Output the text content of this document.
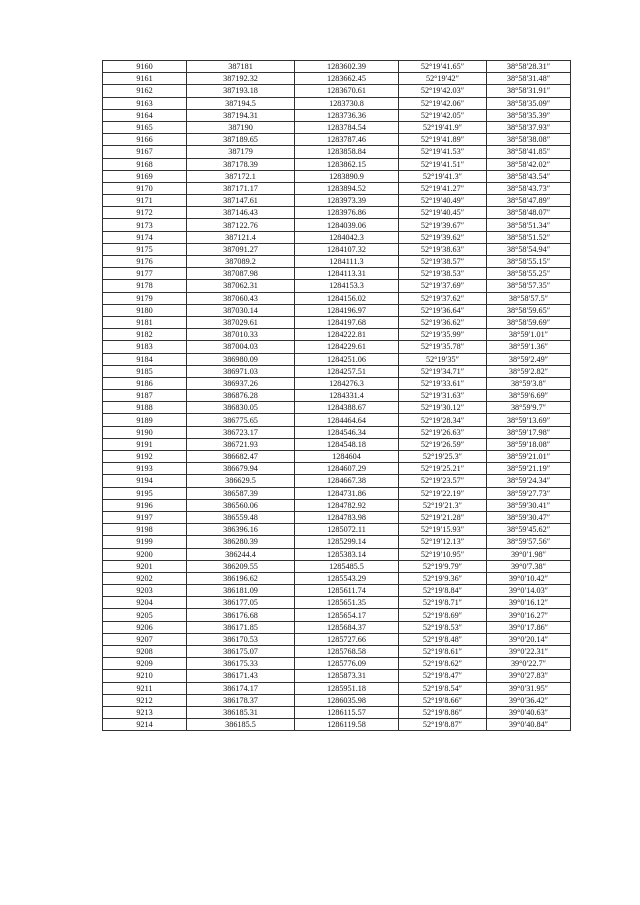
9160	387181	1283602.39	52°19′41.65″	38°58′28.31″
9161	387192.32	1283662.45	52°19′42″	38°58′31.48″
9162	387193.18	1283670.61	52°19′42.03″	38°58′31.91″
9163	387194.5	1283730.8	52°19′42.06″	38°58′35.09″
9164	387194.31	1283736.36	52°19′42.05″	38°58′35.39″
9165	387190	1283784.54	52°19′41.9″	38°58′37.93″
9166	387189.65	1283787.46	52°19′41.89″	38°58′38.08″
9167	387179	1283858.84	52°19′41.53″	38°58′41.85″
9168	387178.39	1283862.15	52°19′41.51″	38°58′42.02″
9169	387172.1	1283890.9	52°19′41.3″	38°58′43.54″
9170	387171.17	1283894.52	52°19′41.27″	38°58′43.73″
9171	387147.61	1283973.39	52°19′40.49″	38°58′47.89″
9172	387146.43	1283976.86	52°19′40.45″	38°58′48.07″
9173	387122.76	1284039.06	52°19′39.67″	38°58′51.34″
9174	387121.4	1284042.3	52°19′39.62″	38°58′51.52″
9175	387091.27	1284107.32	52°19′38.63″	38°58′54.94″
9176	387089.2	1284111.3	52°19′38.57″	38°58′55.15″
9177	387087.98	1284113.31	52°19′38.53″	38°58′55.25″
9178	387062.31	1284153.3	52°19′37.69″	38°58′57.35″
9179	387060.43	1284156.02	52°19′37.62″	38°58′57.5″
9180	387030.14	1284196.97	52°19′36.64″	38°58′59.65″
9181	387029.61	1284197.68	52°19′36.62″	38°58′59.69″
9182	387010.33	1284222.81	52°19′35.99″	38°59′1.01″
9183	387004.03	1284229.61	52°19′35.78″	38°59′1.36″
9184	386980.09	1284251.06	52°19′35″	38°59′2.49″
9185	386971.03	1284257.51	52°19′34.71″	38°59′2.82″
9186	386937.26	1284276.3	52°19′33.61″	38°59′3.8″
9187	386876.28	1284331.4	52°19′31.63″	38°59′6.69″
9188	386830.05	1284388.67	52°19′30.12″	38°59′9.7″
9189	386775.65	1284464.64	52°19′28.34″	38°59′13.69″
9190	386723.17	1284546.34	52°19′26.63″	38°59′17.98″
9191	386721.93	1284548.18	52°19′26.59″	38°59′18.08″
9192	386682.47	1284604	52°19′25.3″	38°59′21.01″
9193	386679.94	1284607.29	52°19′25.21″	38°59′21.19″
9194	386629.5	1284667.38	52°19′23.57″	38°59′24.34″
9195	386587.39	1284731.86	52°19′22.19″	38°59′27.73″
9196	386560.06	1284782.92	52°19′21.3″	38°59′30.41″
9197	386559.48	1284783.98	52°19′21.28″	38°59′30.47″
9198	386396.16	1285072.11	52°19′15.93″	38°59′45.62″
9199	386280.39	1285299.14	52°19′12.13″	38°59′57.56″
9200	386244.4	1285383.14	52°19′10.95″	39°0′1.98″
9201	386209.55	1285485.5	52°19′9.79″	39°0′7.38″
9202	386196.62	1285543.29	52°19′9.36″	39°0′10.42″
9203	386181.09	1285611.74	52°19′8.84″	39°0′14.03″
9204	386177.05	1285651.35	52°19′8.71″	39°0′16.12″
9205	386176.68	1285654.17	52°19′8.69″	39°0′16.27″
9206	386171.85	1285684.37	52°19′8.53″	39°0′17.86″
9207	386170.53	1285727.66	52°19′8.48″	39°0′20.14″
9208	386175.07	1285768.58	52°19′8.61″	39°0′22.31″
9209	386175.33	1285776.09	52°19′8.62″	39°0′22.7″
9210	386171.43	1285873.31	52°19′8.47″	39°0′27.83″
9211	386174.17	1285951.18	52°19′8.54″	39°0′31.95″
9212	386178.37	1286035.98	52°19′8.66″	39°0′36.42″
9213	386185.31	1286115.57	52°19′8.86″	39°0′40.63″
9214	386185.5	1286119.58	52°19′8.87″	39°0′40.84″
